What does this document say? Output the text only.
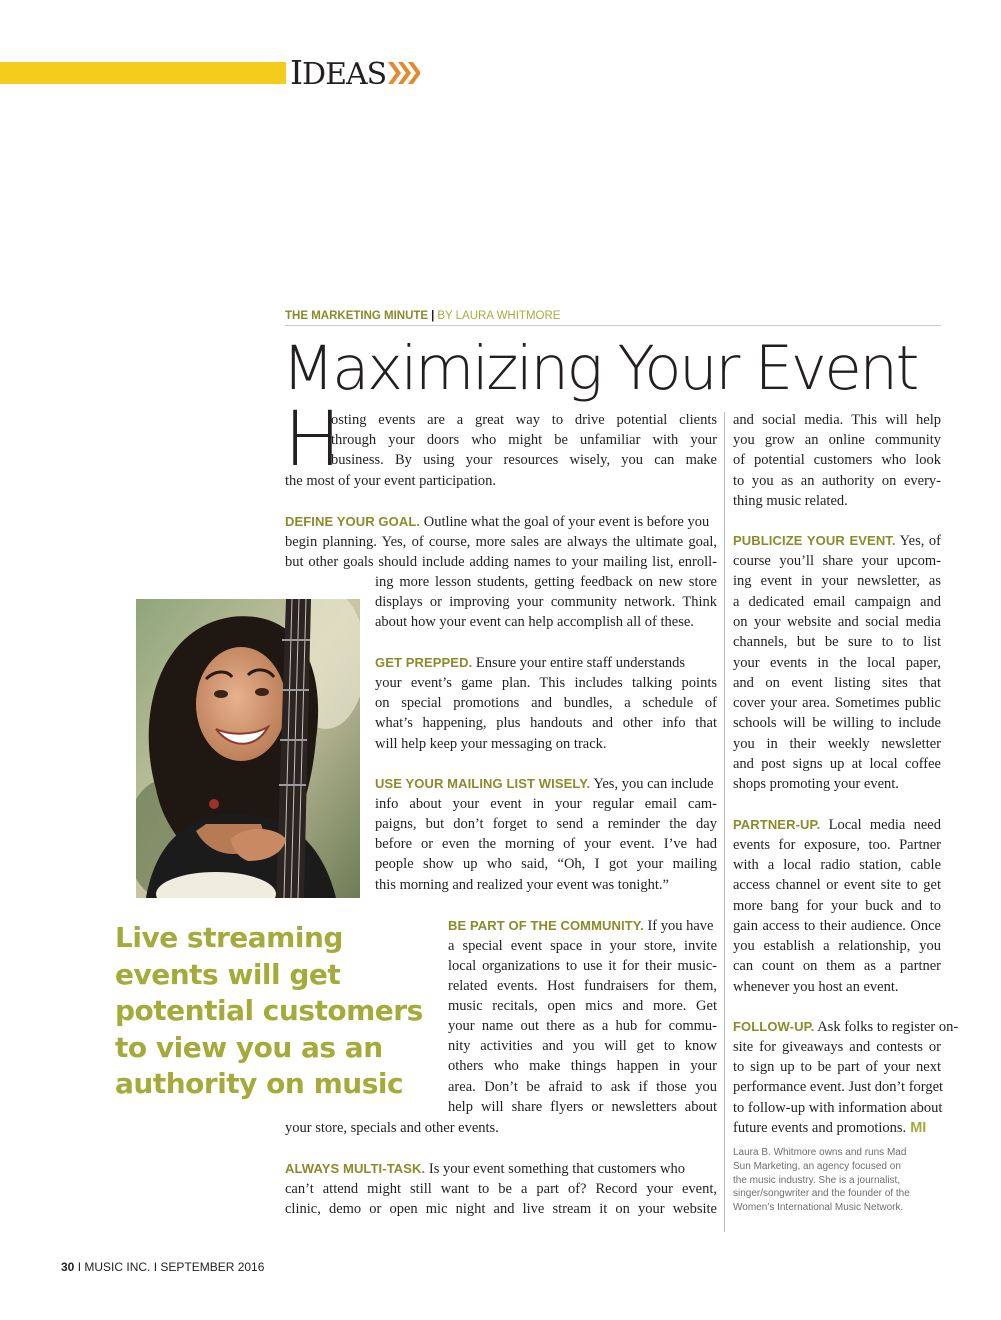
IDEAS
THE MARKETING MINUTE | BY LAURA WHITMORE
Maximizing Your Event
H
osting events are a great way to drive potential clients
through your doors who might be unfamiliar with your
business. By using your resources wisely, you can make
the most of your event participation.
DEFINE YOUR GOAL. Outline what the goal of your event is before you
begin planning. Yes, of course, more sales are always the ultimate goal,
but other goals should include adding names to your mailing list, enroll-
ing more lesson students, getting feedback on new store
displays or improving your community network. Think
about how your event can help accomplish all of these.
GET PREPPED. Ensure your entire staff understands
your event’s game plan. This includes talking points
on special promotions and bundles, a schedule of
what’s happening, plus handouts and other info that
will help keep your messaging on track.
USE YOUR MAILING LIST WISELY. Yes, you can include
info about your event in your regular email cam-
paigns, but don’t forget to send a reminder the day
before or even the morning of your event. I’ve had
people show up who said, “Oh, I got your mailing
this morning and realized your event was tonight.”
BE PART OF THE COMMUNITY. If you have
a special event space in your store, invite
local organizations to use it for their music-
related events. Host fundraisers for them,
music recitals, open mics and more. Get
your name out there as a hub for commu-
nity activities and you will get to know
others who make things happen in your
area. Don’t be afraid to ask if those you
help will share flyers or newsletters about
your store, specials and other events.
ALWAYS MULTI-TASK. Is your event something that customers who
can’t attend might still want to be a part of? Record your event,
clinic, demo or open mic night and live stream it on your website
and social media. This will help
you grow an online community
of potential customers who look
to you as an authority on every-
thing music related.
PUBLICIZE YOUR EVENT. Yes, of
course you’ll share your upcom-
ing event in your newsletter, as
a dedicated email campaign and
on your website and social media
channels, but be sure to to list
your events in the local paper,
and on event listing sites that
cover your area. Sometimes public
schools will be willing to include
you in their weekly newsletter
and post signs up at local coffee
shops promoting your event.
PARTNER-UP. Local media need
events for exposure, too. Partner
with a local radio station, cable
access channel or event site to get
more bang for your buck and to
gain access to their audience. Once
you establish a relationship, you
can count on them as a partner
whenever you host an event.
FOLLOW-UP. Ask folks to register on-
site for giveaways and contests or
to sign up to be part of your next
performance event. Just don’t forget
to follow-up with information about
future events and promotions. MI
Laura B. Whitmore owns and runs Mad
Sun Marketing, an agency focused on
the music industry. She is a journalist,
singer/songwriter and the founder of the
Women’s International Music Network.
Live streaming
events will get
potential customers
to view you as an
authority on music
30 I MUSIC INC. I SEPTEMBER 2016
